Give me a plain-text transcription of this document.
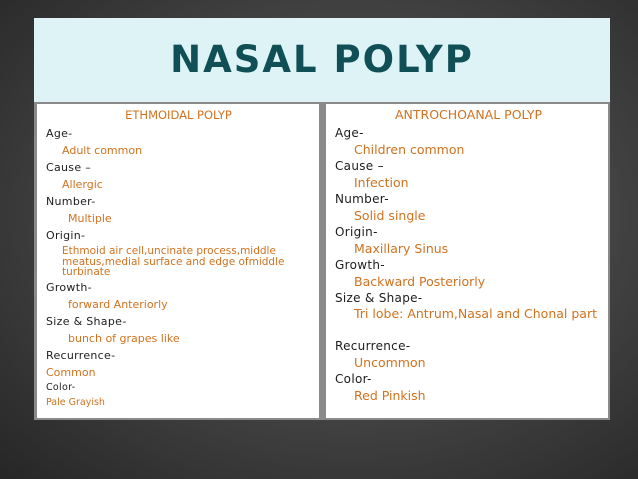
NASAL POLYP
ETHMOIDAL POLYP
Age-
Adult common
Cause –
Allergic
Number-
Multiple
Origin-
Ethmoid air cell,uncinate process,middle meatus,medial surface and edge ofmiddle turbinate
Growth-
forward Anteriorly
Size & Shape-
bunch of grapes like
Recurrence-
Common
Color-
Pale Grayish
ANTROCHOANAL POLYP
Age-
Children common
Cause –
Infection
Number-
Solid single
Origin-
Maxillary Sinus
Growth-
Backward Posteriorly
Size & Shape-
Tri lobe: Antrum,Nasal and Chonal part
Recurrence-
Uncommon
Color-
Red Pinkish
